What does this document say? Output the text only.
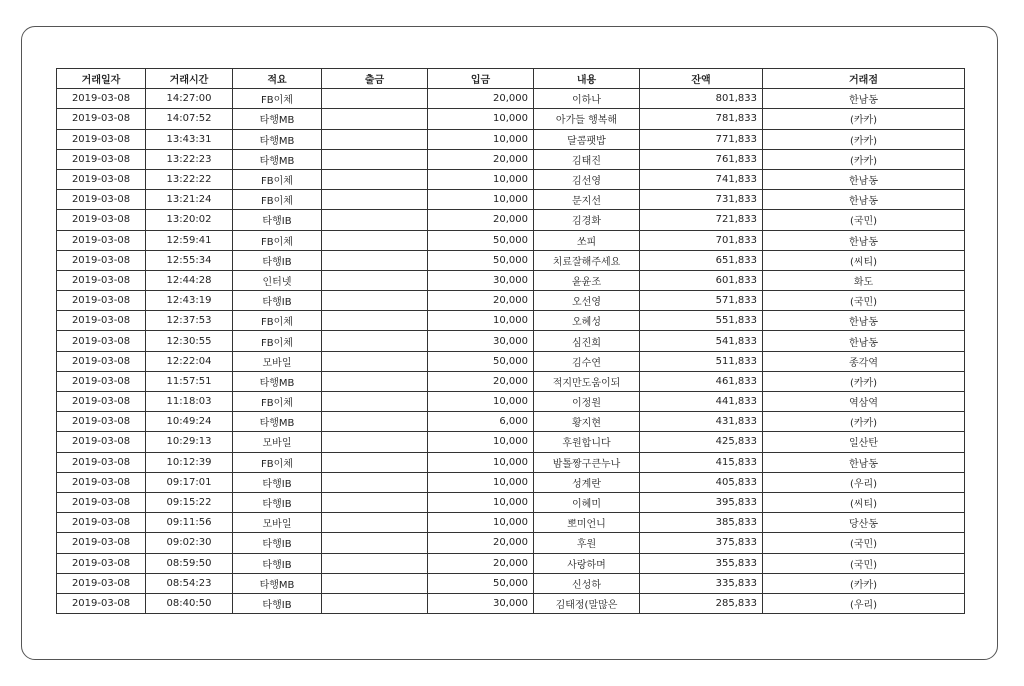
거래일자	거래시간	적요	출금	입금	내용	잔액	거래점
2019-03-08	14:27:00	FB이체		20,000	이하나	801,833	한남동
2019-03-08	14:07:52	타행MB		10,000	아가들 행복해	781,833	(카카)
2019-03-08	13:43:31	타행MB		10,000	달콤팻밥	771,833	(카카)
2019-03-08	13:22:23	타행MB		20,000	김태진	761,833	(카카)
2019-03-08	13:22:22	FB이체		10,000	김선영	741,833	한남동
2019-03-08	13:21:24	FB이체		10,000	문지선	731,833	한남동
2019-03-08	13:20:02	타행IB		20,000	김경화	721,833	(국민)
2019-03-08	12:59:41	FB이체		50,000	쏘피	701,833	한남동
2019-03-08	12:55:34	타행IB		50,000	치료잘해주세요	651,833	(씨티)
2019-03-08	12:44:28	인터넷		30,000	윤윤조	601,833	화도
2019-03-08	12:43:19	타행IB		20,000	오선영	571,833	(국민)
2019-03-08	12:37:53	FB이체		10,000	오혜성	551,833	한남동
2019-03-08	12:30:55	FB이체		30,000	심진희	541,833	한남동
2019-03-08	12:22:04	모바일		50,000	김수연	511,833	종각역
2019-03-08	11:57:51	타행MB		20,000	적지만도움이되	461,833	(카카)
2019-03-08	11:18:03	FB이체		10,000	이정원	441,833	역삼역
2019-03-08	10:49:24	타행MB		6,000	황지현	431,833	(카카)
2019-03-08	10:29:13	모바일		10,000	후원합니다	425,833	일산탄
2019-03-08	10:12:39	FB이체		10,000	밤톨짱구큰누나	415,833	한남동
2019-03-08	09:17:01	타행IB		10,000	성계란	405,833	(우리)
2019-03-08	09:15:22	타행IB		10,000	이혜미	395,833	(씨티)
2019-03-08	09:11:56	모바일		10,000	뽀미언니	385,833	당산동
2019-03-08	09:02:30	타행IB		20,000	후원	375,833	(국민)
2019-03-08	08:59:50	타행IB		20,000	사랑하며	355,833	(국민)
2019-03-08	08:54:23	타행MB		50,000	신성하	335,833	(카카)
2019-03-08	08:40:50	타행IB		30,000	김태정(말많은	285,833	(우리)
